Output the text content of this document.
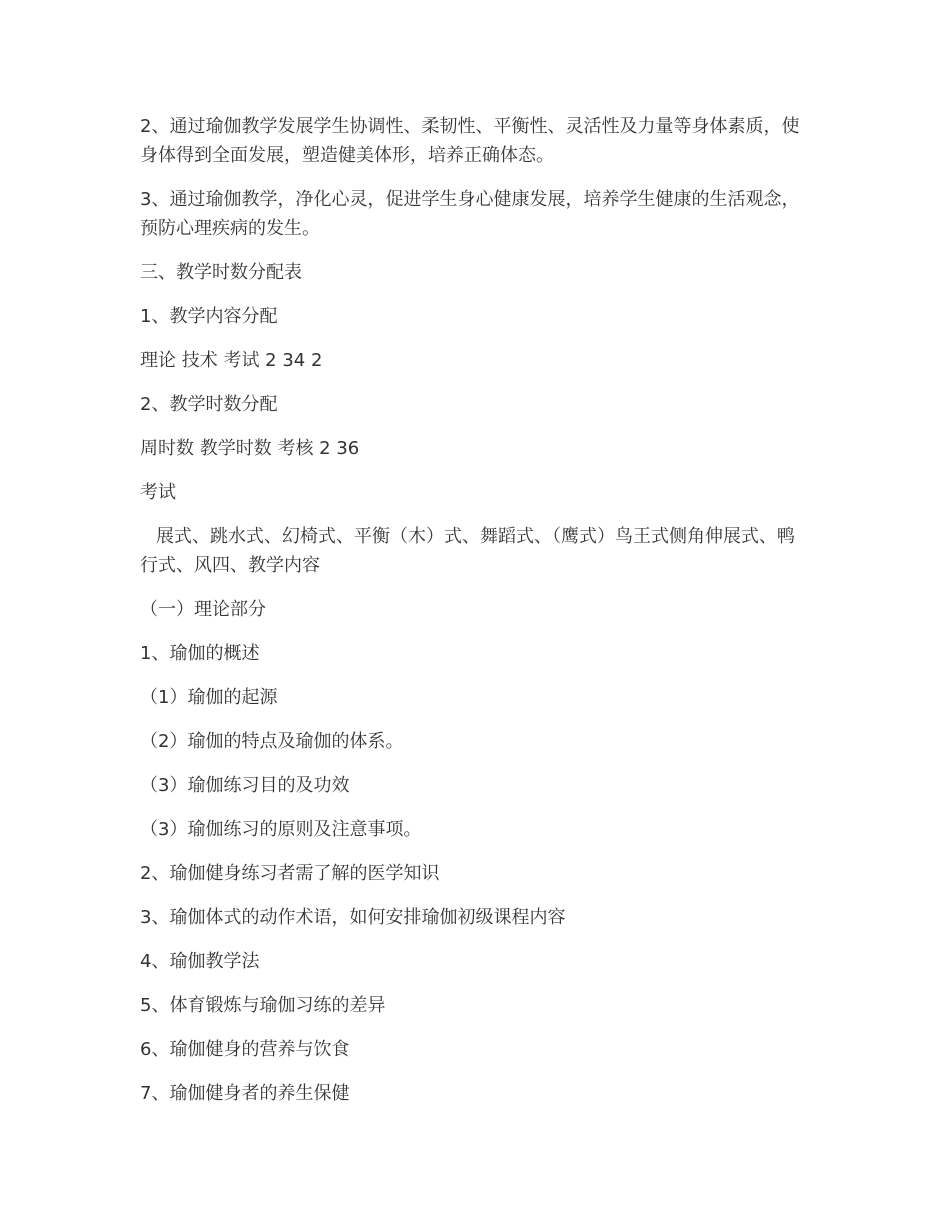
2、通过瑜伽教学发展学生协调性、柔韧性、平衡性、灵活性及力量等身体素质，使身体得到全面发展，塑造健美体形，培养正确体态。

3、通过瑜伽教学，净化心灵，促进学生身心健康发展，培养学生健康的生活观念，预防心理疾病的发生。

三、教学时数分配表

1、教学内容分配

理论 技术 考试 2 34 2

2、教学时数分配

周时数 教学时数 考核 2 36

考试

展式、跳水式、幻椅式、平衡（木）式、舞蹈式、（鹰式）鸟王式侧角伸展式、鸭行式、风四、教学内容

（一）理论部分

1、瑜伽的概述

（1）瑜伽的起源

（2）瑜伽的特点及瑜伽的体系。

（3）瑜伽练习目的及功效

（3）瑜伽练习的原则及注意事项。

2、瑜伽健身练习者需了解的医学知识

3、瑜伽体式的动作术语，如何安排瑜伽初级课程内容

4、瑜伽教学法

5、体育锻炼与瑜伽习练的差异

6、瑜伽健身的营养与饮食

7、瑜伽健身者的养生保健
